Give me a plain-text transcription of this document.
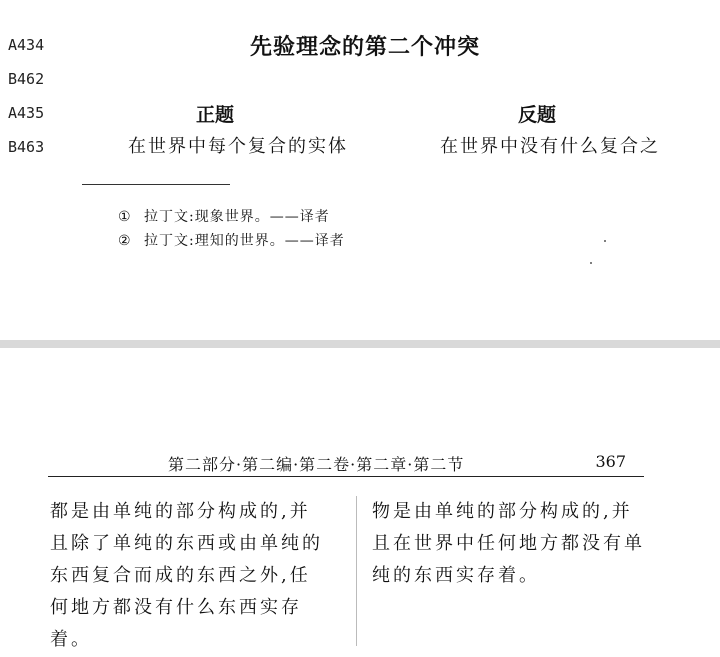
A434
B462
A435
B463
先验理念的第二个冲突
正题	反题
在世界中每个复合的实体	在世界中没有什么复合之
① 拉丁文:现象世界。——译者
② 拉丁文:理知的世界。——译者
第二部分·第二编·第二卷·第二章·第二节	367
都是由单纯的部分构成的,并
且除了单纯的东西或由单纯的
东西复合而成的东西之外,任
何地方都没有什么东西实存
着。
物是由单纯的部分构成的,并
且在世界中任何地方都没有单
纯的东西实存着。
